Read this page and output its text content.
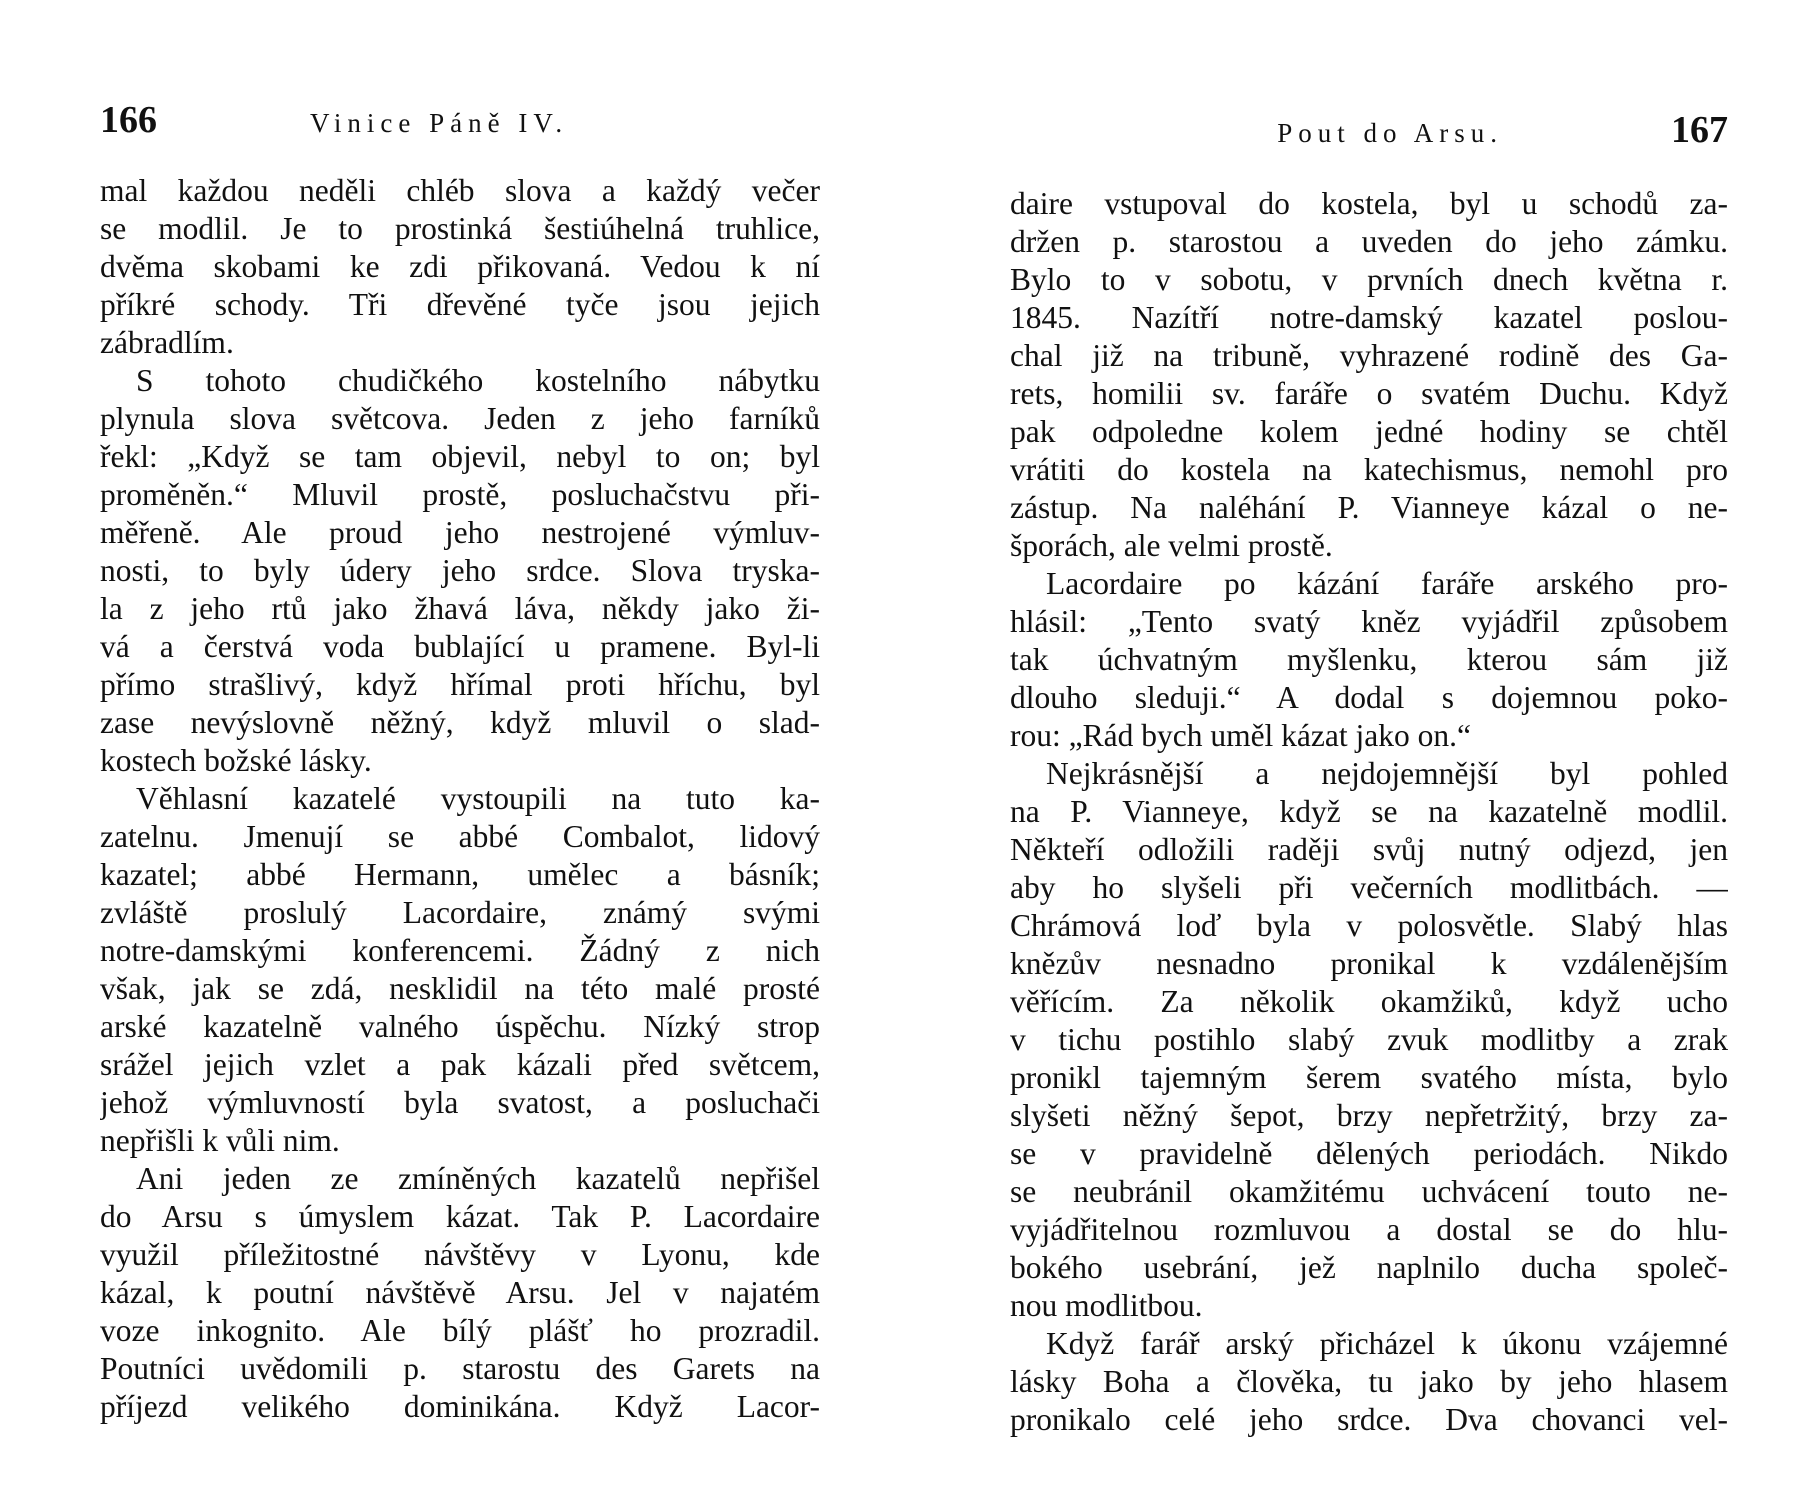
166	Vinice Páně IV.
mal každou neděli chléb slova a každý večer
se modlil. Je to prostinká šestiúhelná truhlice,
dvěma skobami ke zdi přikovaná. Vedou k ní
příkré schody. Tři dřevěné tyče jsou jejich
zábradlím.
S tohoto chudičkého kostelního nábytku
plynula slova světcova. Jeden z jeho farníků
řekl: „Když se tam objevil, nebyl to on; byl
proměněn.“ Mluvil prostě, posluchačstvu při-
měřeně. Ale proud jeho nestrojené výmluv-
nosti, to byly údery jeho srdce. Slova tryska-
la z jeho rtů jako žhavá láva, někdy jako ži-
vá a čerstvá voda bublající u pramene. Byl-li
přímo strašlivý, když hřímal proti hříchu, byl
zase nevýslovně něžný, když mluvil o slad-
kostech božské lásky.
Věhlasní kazatelé vystoupili na tuto ka-
zatelnu. Jmenují se abbé Combalot, lidový
kazatel; abbé Hermann, umělec a básník;
zvláště proslulý Lacordaire, známý svými
notre-damskými konferencemi. Žádný z nich
však, jak se zdá, nesklidil na této malé prosté
arské kazatelně valného úspěchu. Nízký strop
srážel jejich vzlet a pak kázali před světcem,
jehož výmluvností byla svatost, a posluchači
nepřišli k vůli nim.
Ani jeden ze zmíněných kazatelů nepřišel
do Arsu s úmyslem kázat. Tak P. Lacordaire
využil příležitostné návštěvy v Lyonu, kde
kázal, k poutní návštěvě Arsu. Jel v najatém
voze inkognito. Ale bílý plášť ho prozradil.
Poutníci uvědomili p. starostu des Garets na
příjezd velikého dominikána. Když Lacor-
Pout do Arsu.	167
daire vstupoval do kostela, byl u schodů za-
držen p. starostou a uveden do jeho zámku.
Bylo to v sobotu, v prvních dnech května r.
1845. Nazítří notre-damský kazatel poslou-
chal již na tribuně, vyhrazené rodině des Ga-
rets, homilii sv. faráře o svatém Duchu. Když
pak odpoledne kolem jedné hodiny se chtěl
vrátiti do kostela na katechismus, nemohl pro
zástup. Na naléhání P. Vianneye kázal o ne-
šporách, ale velmi prostě.
Lacordaire po kázání faráře arského pro-
hlásil: „Tento svatý kněz vyjádřil způsobem
tak úchvatným myšlenku, kterou sám již
dlouho sleduji.“ A dodal s dojemnou poko-
rou: „Rád bych uměl kázat jako on.“
Nejkrásnější a nejdojemnější byl pohled
na P. Vianneye, když se na kazatelně modlil.
Někteří odložili raději svůj nutný odjezd, jen
aby ho slyšeli při večerních modlitbách. —
Chrámová loď byla v polosvětle. Slabý hlas
knězův nesnadno pronikal k vzdálenějším
věřícím. Za několik okamžiků, když ucho
v tichu postihlo slabý zvuk modlitby a zrak
pronikl tajemným šerem svatého místa, bylo
slyšeti něžný šepot, brzy nepřetržitý, brzy za-
se v pravidelně dělených periodách. Nikdo
se neubránil okamžitému uchvácení touto ne-
vyjádřitelnou rozmluvou a dostal se do hlu-
bokého usebrání, jež naplnilo ducha společ-
nou modlitbou.
Když farář arský přicházel k úkonu vzájemné
lásky Boha a člověka, tu jako by jeho hlasem
pronikalo celé jeho srdce. Dva chovanci vel-
